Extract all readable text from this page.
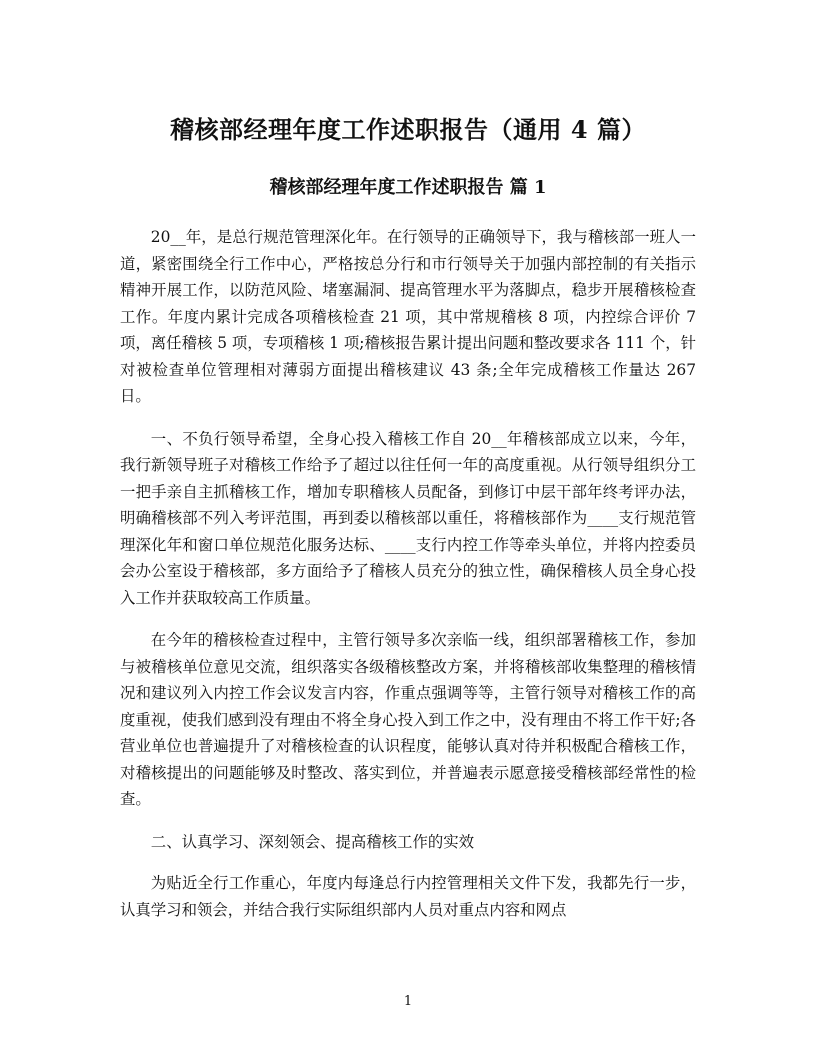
稽核部经理年度工作述职报告（通用 4 篇）
稽核部经理年度工作述职报告 篇 1

20__年，是总行规范管理深化年。在行领导的正确领导下，我与稽核部一班人一道，紧密围绕全行工作中心，严格按总分行和市行领导关于加强内部控制的有关指示精神开展工作，以防范风险、堵塞漏洞、提高管理水平为落脚点，稳步开展稽核检查工作。年度内累计完成各项稽核检查 21 项，其中常规稽核 8 项，内控综合评价 7 项，离任稽核 5 项，专项稽核 1 项;稽核报告累计提出问题和整改要求各 111 个，针对被检查单位管理相对薄弱方面提出稽核建议 43 条;全年完成稽核工作量达 267 日。

一、不负行领导希望，全身心投入稽核工作自 20__年稽核部成立以来，今年，我行新领导班子对稽核工作给予了超过以往任何一年的高度重视。从行领导组织分工一把手亲自主抓稽核工作，增加专职稽核人员配备，到修订中层干部年终考评办法，明确稽核部不列入考评范围，再到委以稽核部以重任，将稽核部作为____支行规范管理深化年和窗口单位规范化服务达标、____支行内控工作等牵头单位，并将内控委员会办公室设于稽核部，多方面给予了稽核人员充分的独立性，确保稽核人员全身心投入工作并获取较高工作质量。

在今年的稽核检查过程中，主管行领导多次亲临一线，组织部署稽核工作，参加与被稽核单位意见交流，组织落实各级稽核整改方案，并将稽核部收集整理的稽核情况和建议列入内控工作会议发言内容，作重点强调等等，主管行领导对稽核工作的高度重视，使我们感到没有理由不将全身心投入到工作之中，没有理由不将工作干好;各营业单位也普遍提升了对稽核检查的认识程度，能够认真对待并积极配合稽核工作，对稽核提出的问题能够及时整改、落实到位，并普遍表示愿意接受稽核部经常性的检查。

二、认真学习、深刻领会、提高稽核工作的实效

为贴近全行工作重心，年度内每逢总行内控管理相关文件下发，我都先行一步，认真学习和领会，并结合我行实际组织部内人员对重点内容和网点

1
